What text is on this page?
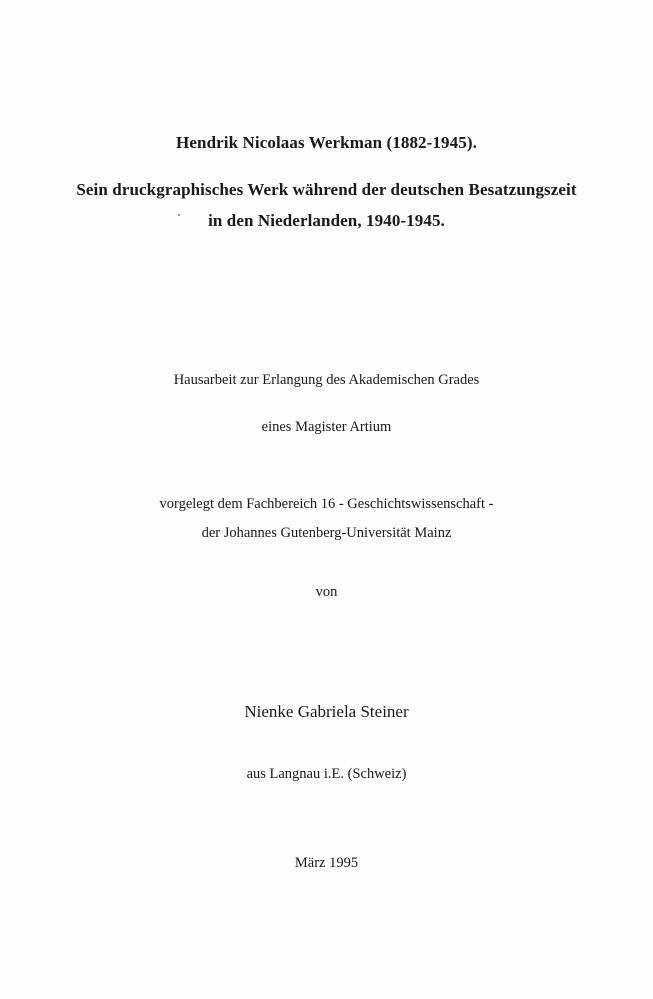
Hendrik Nicolaas Werkman (1882-1945).
Sein druckgraphisches Werk während der deutschen Besatzungszeit
in den Niederlanden, 1940-1945.
Hausarbeit zur Erlangung des Akademischen Grades
eines Magister Artium
vorgelegt dem Fachbereich 16 - Geschichtswissenschaft -
der Johannes Gutenberg-Universität Mainz
von
Nienke Gabriela Steiner
aus Langnau i.E. (Schweiz)
März 1995
